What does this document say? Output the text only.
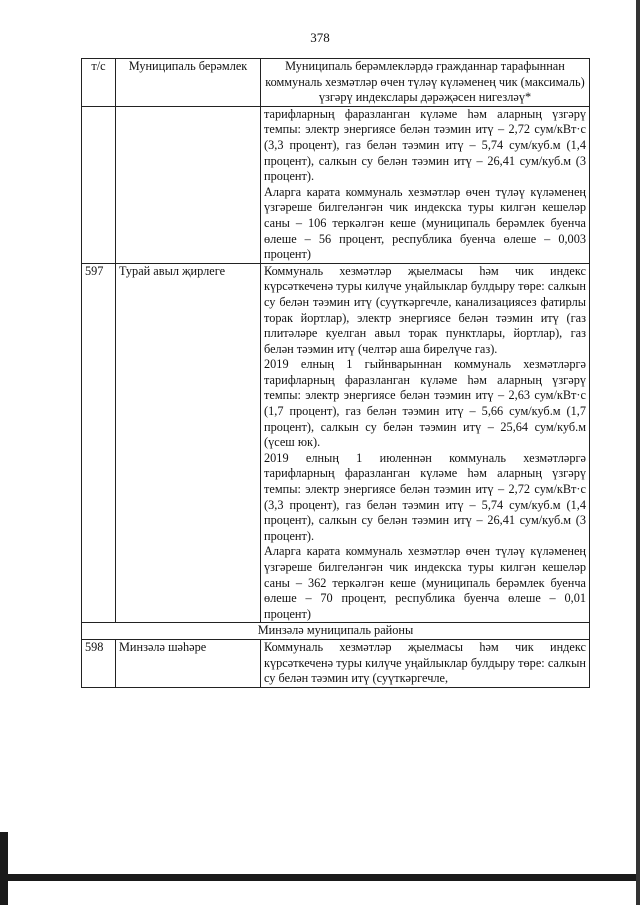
378
т/с	Муниципаль берәмлек	Муниципаль берәмлекләрдә гражданнар тарафыннан коммуналь хезмәтләр өчен түләү күләменең чик (максималь) үзгәрү индекслары дәрәҗәсен нигезләү*

		тарифларның фаразланган күләме һәм аларның үзгәрү темпы: электр энергиясе белән тәэмин итү – 2,72 сум/кВт·с (3,3 процент), газ белән тәэмин итү – 5,74 сум/куб.м (1,4 процент), салкын су белән тәэмин итү – 26,41 сум/куб.м (3 процент).

Аларга карата коммуналь хезмәтләр өчен түләү күләменең үзгәреше билгеләнгән чик индекска туры килгән кешеләр саны – 106 теркәлгән кеше (муниципаль берәмлек буенча өлеше – 56 процент, республика буенча өлеше – 0,003 процент)

597	Турай авыл җирлеге	Коммуналь хезмәтләр җыелмасы һәм чик индекс күрсәткеченә туры килүче уңайлыклар булдыру төре: салкын су белән тәэмин итү (суүткәргечле, канализациясез фатирлы торак йортлар), электр энергиясе белән тәэмин итү (газ плитәләре куелган авыл торак пунктлары, йортлар), газ белән тәэмин итү (челтәр аша бирелүче газ).

2019 елның 1 гыйнварыннан коммуналь хезмәтләргә тарифларның фаразланган күләме һәм аларның үзгәрү темпы: электр энергиясе белән тәэмин итү – 2,63 сум/кВт·с (1,7 процент), газ белән тәэмин итү – 5,66 сум/куб.м (1,7 процент), салкын су белән тәэмин итү – 25,64 сум/куб.м (үсеш юк).

2019 елның 1 июленнән коммуналь хезмәтләргә тарифларның фаразланган күләме һәм аларның үзгәрү темпы: электр энергиясе белән тәэмин итү – 2,72 сум/кВт·с (3,3 процент), газ белән тәэмин итү – 5,74 сум/куб.м (1,4 процент), салкын су белән тәэмин итү – 26,41 сум/куб.м (3 процент).

Аларга карата коммуналь хезмәтләр өчен түләү күләменең үзгәреше билгеләнгән чик индекска туры килгән кешеләр саны – 362 теркәлгән кеше (муниципаль берәмлек буенча өлеше – 70 процент, республика буенча өлеше – 0,01 процент)

Минзәлә муниципаль районы		
598	Минзәлә шәһәре	Коммуналь хезмәтләр җыелмасы һәм чик индекс күрсәткеченә туры килүче уңайлыклар булдыру төре: салкын су белән тәэмин итү (суүткәргечле,
